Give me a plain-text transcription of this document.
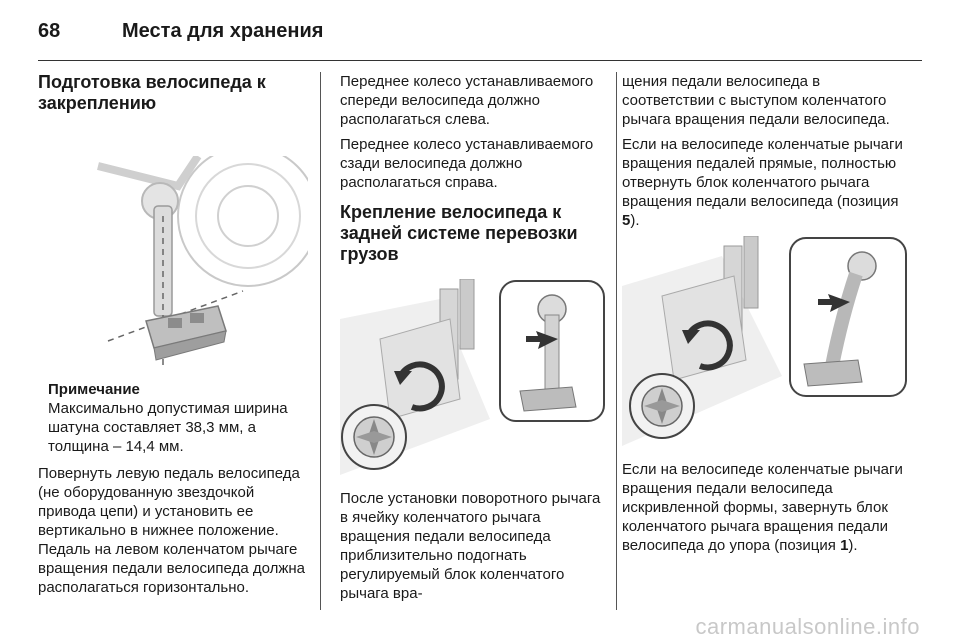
68	Места для хранения
Подготовка велосипеда к закреплению
Примечание

Максимально допустимая ширина шатуна составляет 38,3 мм, а толщина – 14,4 мм.

Повернуть левую педаль велосипеда (не оборудованную звездочкой привода цепи) и установить ее вертикально в нижнее положение. Педаль на левом коленчатом рычаге вращения педали велосипеда должна располагаться горизонтально.

Переднее колесо устанавливаемого спереди велосипеда должно располагаться слева.

Переднее колесо устанавливаемого сзади велосипеда должно располагаться справа.

Крепление велосипеда к задней системе перевозки грузов

После установки поворотного рычага в ячейку коленчатого рычага вращения педали велосипеда приблизительно подогнать регулируемый блок коленчатого рычага вра-

щения педали велосипеда в соответствии с выступом коленчатого рычага вращения педали велосипеда.

Если на велосипеде коленчатые рычаги вращения педалей прямые, полностью отвернуть блок коленчатого рычага вращения педали велосипеда (позиция 5).

Если на велосипеде коленчатые рычаги вращения педали велосипеда искривленной формы, завернуть блок коленчатого рычага вращения педали велосипеда до упора (позиция 1).

carmanualsonline.info
